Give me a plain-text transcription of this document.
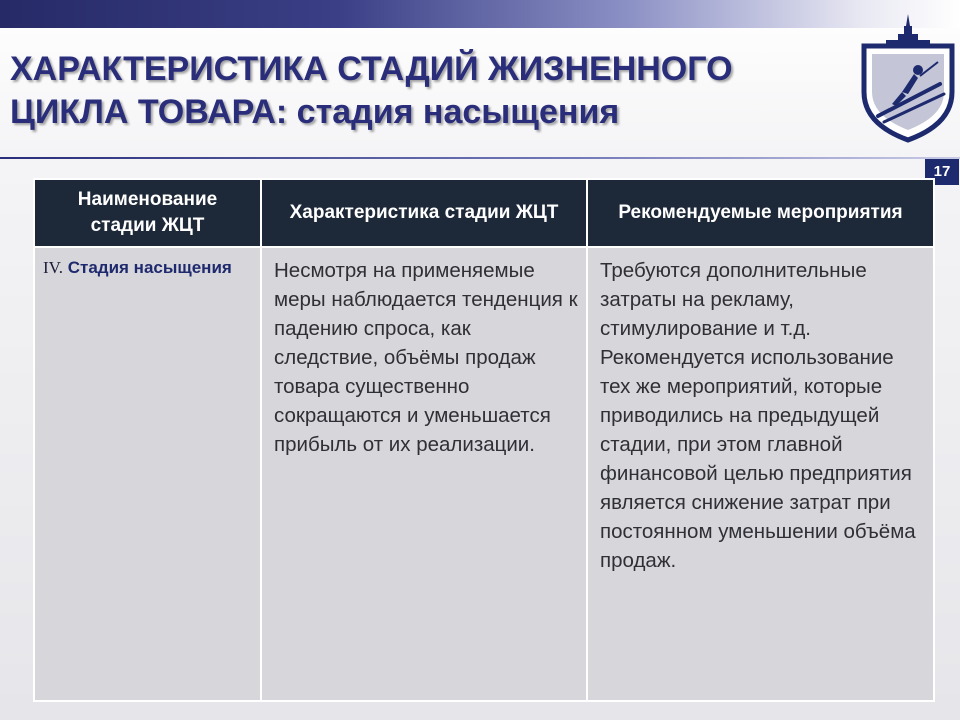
ХАРАКТЕРИСТИКА СТАДИЙ ЖИЗНЕННОГО
ЦИКЛА ТОВАРА: стадия насыщения
17
Наименование стадии ЖЦТ	Характеристика стадии ЖЦТ	Рекомендуемые мероприятия
IV. Стадия насыщения	Несмотря на применяемые меры наблюдается тенденция к падению спроса, как следствие, объёмы продаж товара существенно сокращаются и уменьшается прибыль от их реализации.	Требуются дополнительные затраты на рекламу, стимулирование и т.д. Рекомендуется использование тех же мероприятий, которые приводились на предыдущей стадии, при этом главной финансовой целью предприятия является снижение затрат при постоянном уменьшении объёма продаж.
